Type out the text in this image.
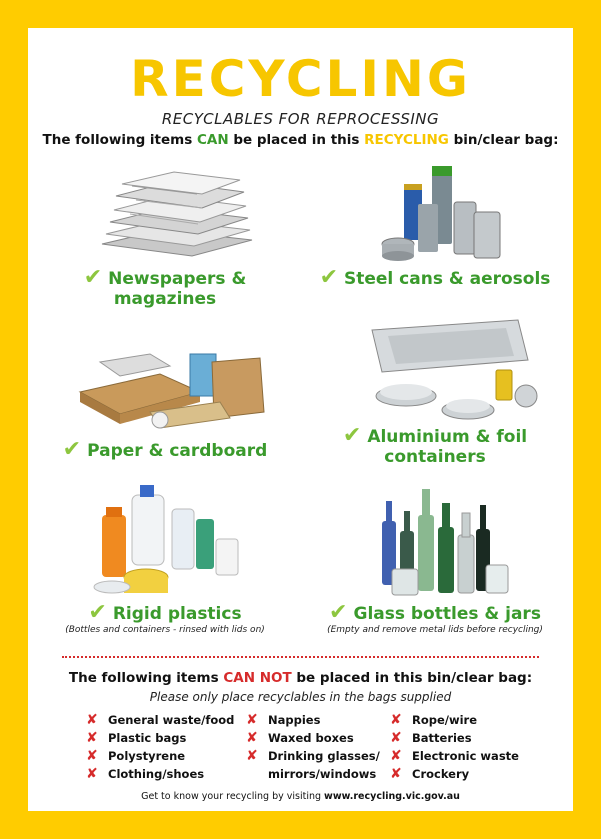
RECYCLING
RECYCLABLES FOR REPROCESSING
The following items CAN be placed in this RECYCLING bin/clear bag:
✔ Newspapers & magazines
✔ Steel cans & aerosols
✔ Paper & cardboard
✔ Aluminium & foil containers
✔ Rigid plastics
(Bottles and containers - rinsed with lids on)
✔ Glass bottles & jars
(Empty and remove metal lids before recycling)
The following items CAN NOT be placed in this bin/clear bag:
Please only place recyclables in the bags supplied
✘ General waste/food
✘ Plastic bags
✘ Polystyrene
✘ Clothing/shoes
✘ Nappies
✘ Waxed boxes
✘ Drinking glasses/
mirrors/windows
✘ Rope/wire
✘ Batteries
✘ Electronic waste
✘ Crockery
Get to know your recycling by visiting www.recycling.vic.gov.au
